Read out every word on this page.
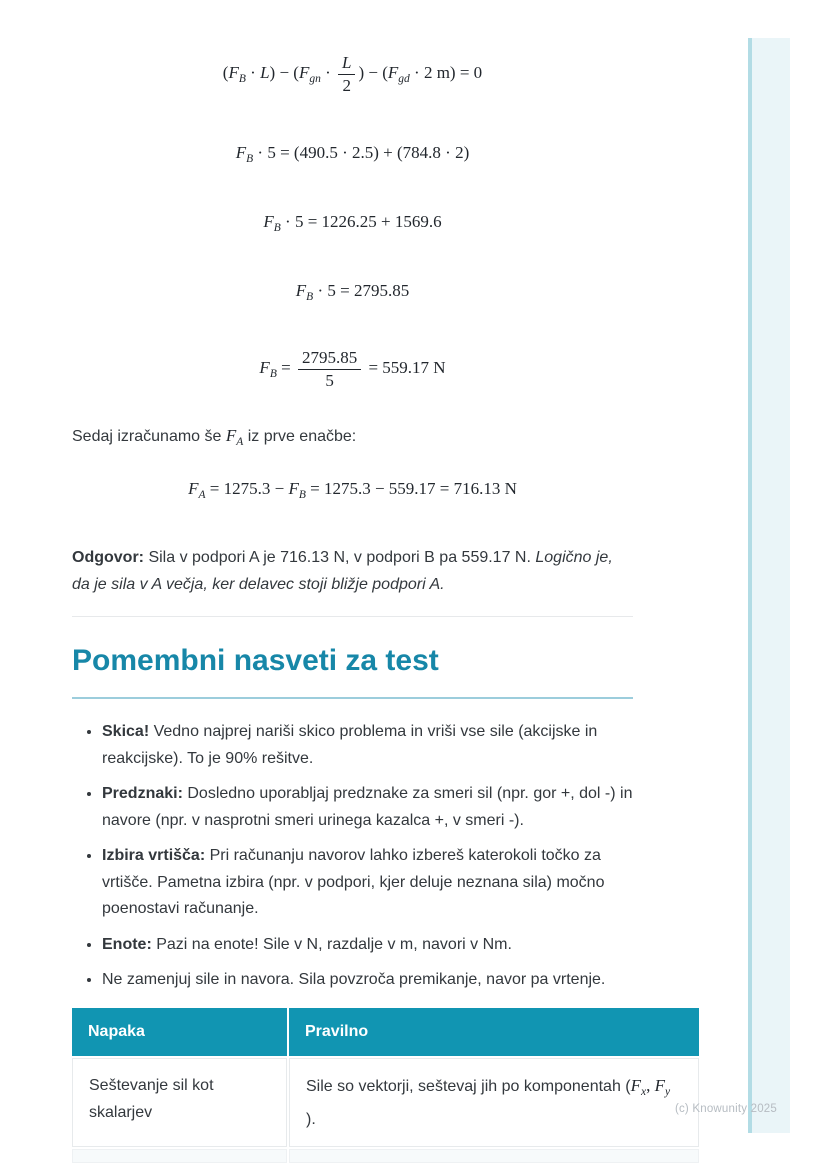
$(F_B \cdot L) - (F_{gn} \cdot \frac{L}{2}$ ) − ($F_{gd} \cdot 2$ m) = 0
$F_B \cdot 5 = (490.5 \cdot 2.5) + (784.8 \cdot 2)$
$F_B \cdot 5 = 1226.25 + 1569.6$
$F_B \cdot 5 = 2795.85$
$F_B = \frac{2795.85}{5} = 559.17$ N

Sedaj izračunamo še $F_A$ iz prve enačbe:

$F_A = 1275.3 - F_B = 1275.3 - 559.17 = 716.13$ N

Odgovor: Sila v podpori A je 716.13 N, v podpori B pa 559.17 N. Logično je, da je sila v A večja, ker delavec stoji bližje podpori A.

Pomembni nasveti za test
• Skica! Vedno najprej nariši skico problema in vriši vse sile (akcijske in reakcijske). To je 90% rešitve.
• Predznaki: Dosledno uporabljaj predznake za smeri sil (npr. gor +, dol -) in navore (npr. v nasprotni smeri urinega kazalca +, v smeri -).
• Izbira vrtišča: Pri računanju navorov lahko izbereš katerokoli točko za vrtišče. Pametna izbira (npr. v podpori, kjer deluje neznana sila) močno poenostavi računanje.
• Enote: Pazi na enote! Sile v N, razdalje v m, navori v Nm.
• Ne zamenjuj sile in navora. Sila povzroča premikanje, navor pa vrtenje.
Napaka	Pravilno
Seštevanje sil kot skalarjev	Sile so vektorji, seštevaj jih po komponentah ($F_x$, $F_y$ ).

(c) Knowunity 2025
